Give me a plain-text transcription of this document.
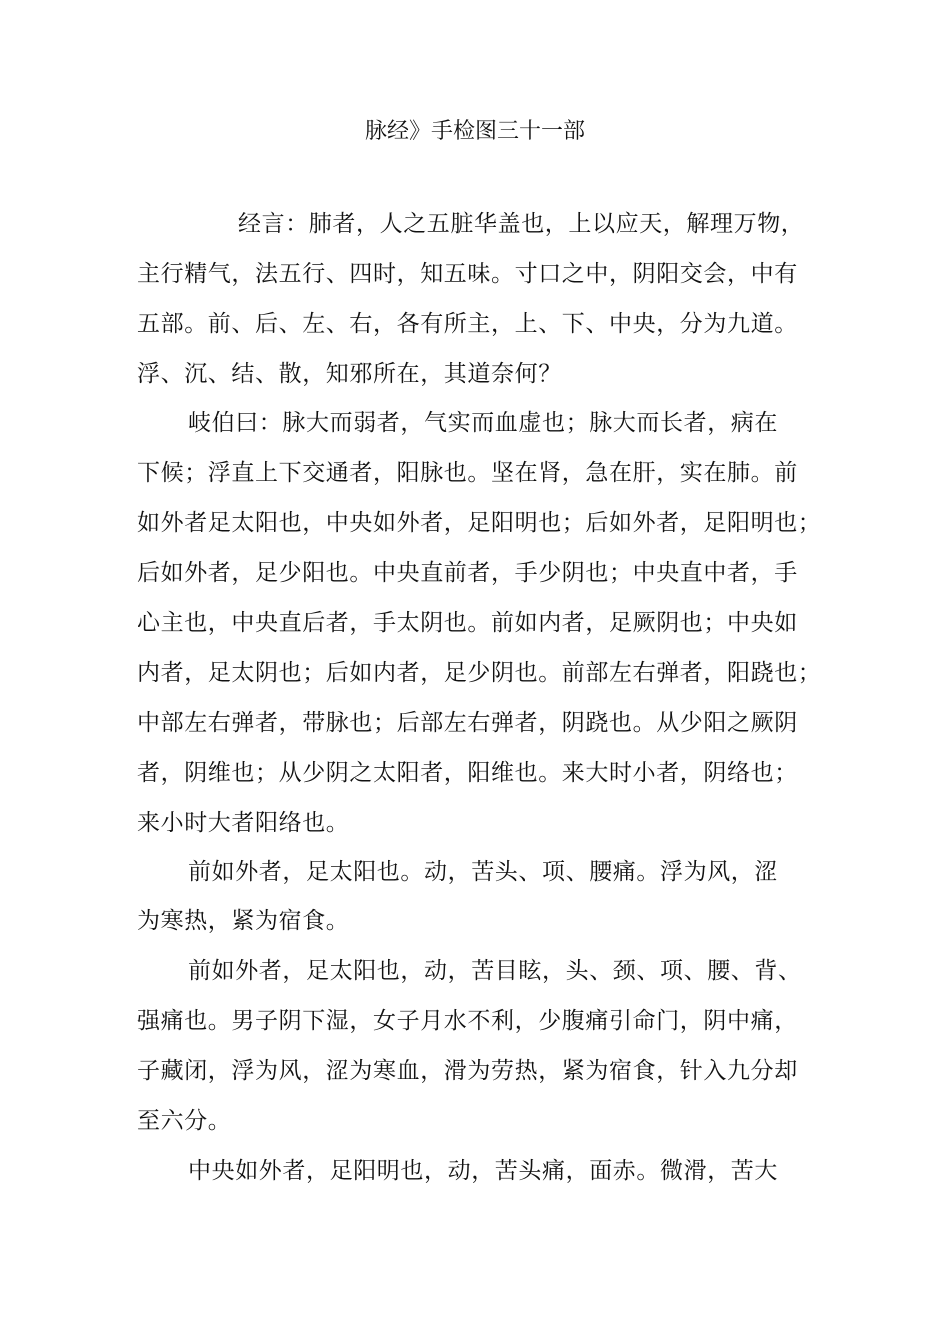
脉经》手检图三十一部
经言：肺者，人之五脏华盖也，上以应天，解理万物，
主行精气，法五行、四时，知五味。寸口之中，阴阳交会，中有
五部。前、后、左、右，各有所主，上、下、中央，分为九道。
浮、沉、结、散，知邪所在，其道奈何？
岐伯曰：脉大而弱者，气实而血虚也；脉大而长者，病在
下候；浮直上下交通者，阳脉也。坚在肾，急在肝，实在肺。前
如外者足太阳也，中央如外者，足阳明也；后如外者，足阳明也；
后如外者，足少阳也。中央直前者，手少阴也；中央直中者，手
心主也，中央直后者，手太阴也。前如内者，足厥阴也；中央如
内者，足太阴也；后如内者，足少阴也。前部左右弹者，阳跷也；
中部左右弹者，带脉也；后部左右弹者，阴跷也。从少阳之厥阴
者，阴维也；从少阴之太阳者，阳维也。来大时小者，阴络也；
来小时大者阳络也。
前如外者，足太阳也。动，苦头、项、腰痛。浮为风，涩
为寒热，紧为宿食。
前如外者，足太阳也，动，苦目眩，头、颈、项、腰、背、
强痛也。男子阴下湿，女子月水不利，少腹痛引命门，阴中痛，
子藏闭，浮为风，涩为寒血，滑为劳热，紧为宿食，针入九分却
至六分。
中央如外者，足阳明也，动，苦头痛，面赤。微滑，苦大
